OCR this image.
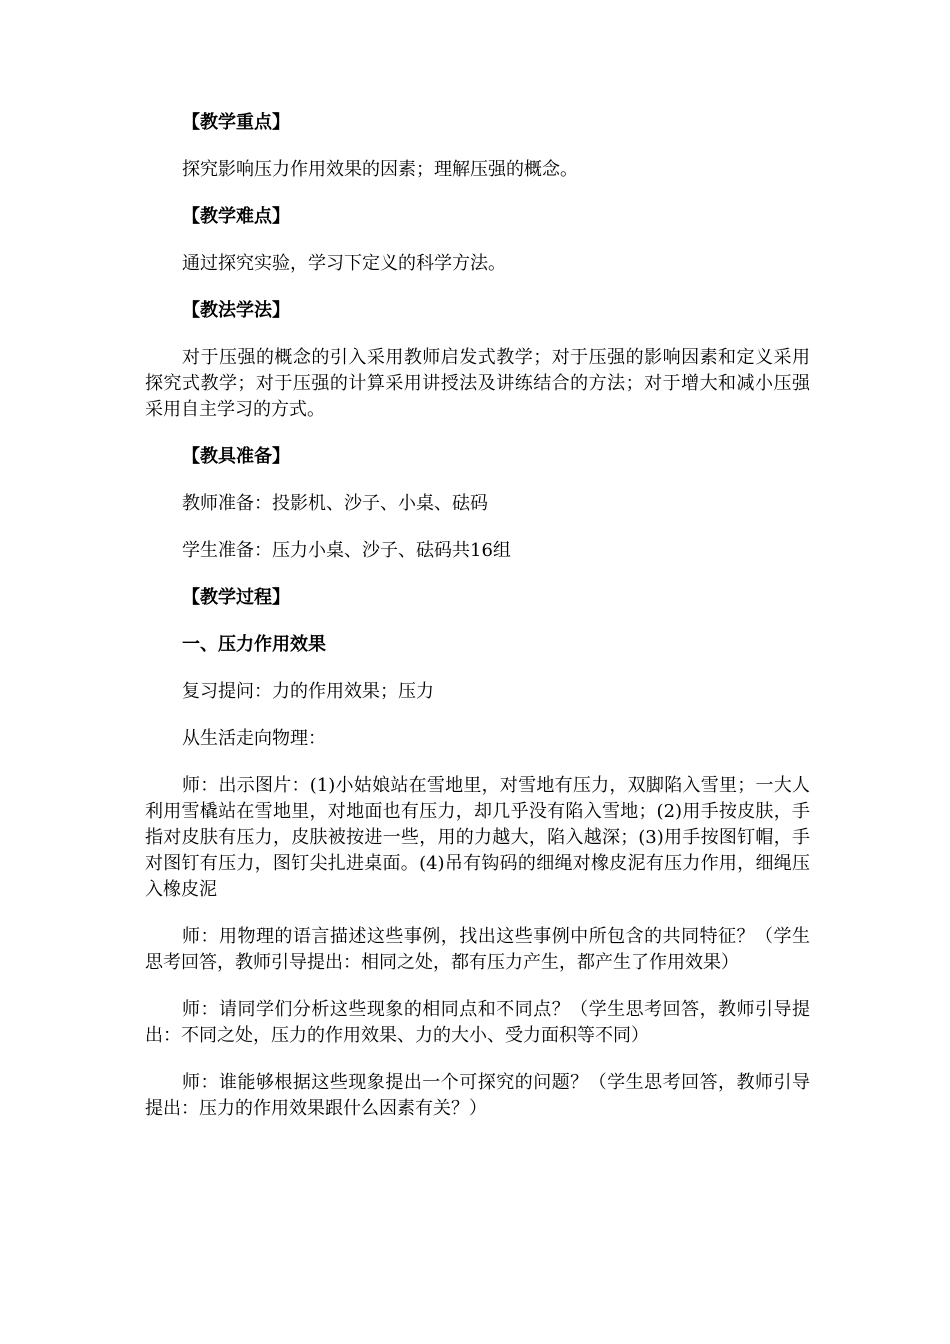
【教学重点】
探究影响压力作用效果的因素；理解压强的概念。
【教学难点】
通过探究实验，学习下定义的科学方法。
【教法学法】
对于压强的概念的引入采用教师启发式教学；对于压强的影响因素和定义采用探究式教学；对于压强的计算采用讲授法及讲练结合的方法；对于增大和减小压强采用自主学习的方式。
【教具准备】
教师准备：投影机、沙子、小桌、砝码
学生准备：压力小桌、沙子、砝码共16组
【教学过程】
一、压力作用效果
复习提问：力的作用效果；压力
从生活走向物理：
师：出示图片：(1)小姑娘站在雪地里，对雪地有压力，双脚陷入雪里；一大人利用雪橇站在雪地里，对地面也有压力，却几乎没有陷入雪地；(2)用手按皮肤，手指对皮肤有压力，皮肤被按进一些，用的力越大，陷入越深；(3)用手按图钉帽，手对图钉有压力，图钉尖扎进桌面。(4)吊有钩码的细绳对橡皮泥有压力作用，细绳压入橡皮泥
师：用物理的语言描述这些事例，找出这些事例中所包含的共同特征？（学生思考回答，教师引导提出：相同之处，都有压力产生，都产生了作用效果）
师：请同学们分析这些现象的相同点和不同点？（学生思考回答，教师引导提出：不同之处，压力的作用效果、力的大小、受力面积等不同）
师：谁能够根据这些现象提出一个可探究的问题？（学生思考回答，教师引导提出：压力的作用效果跟什么因素有关？）
